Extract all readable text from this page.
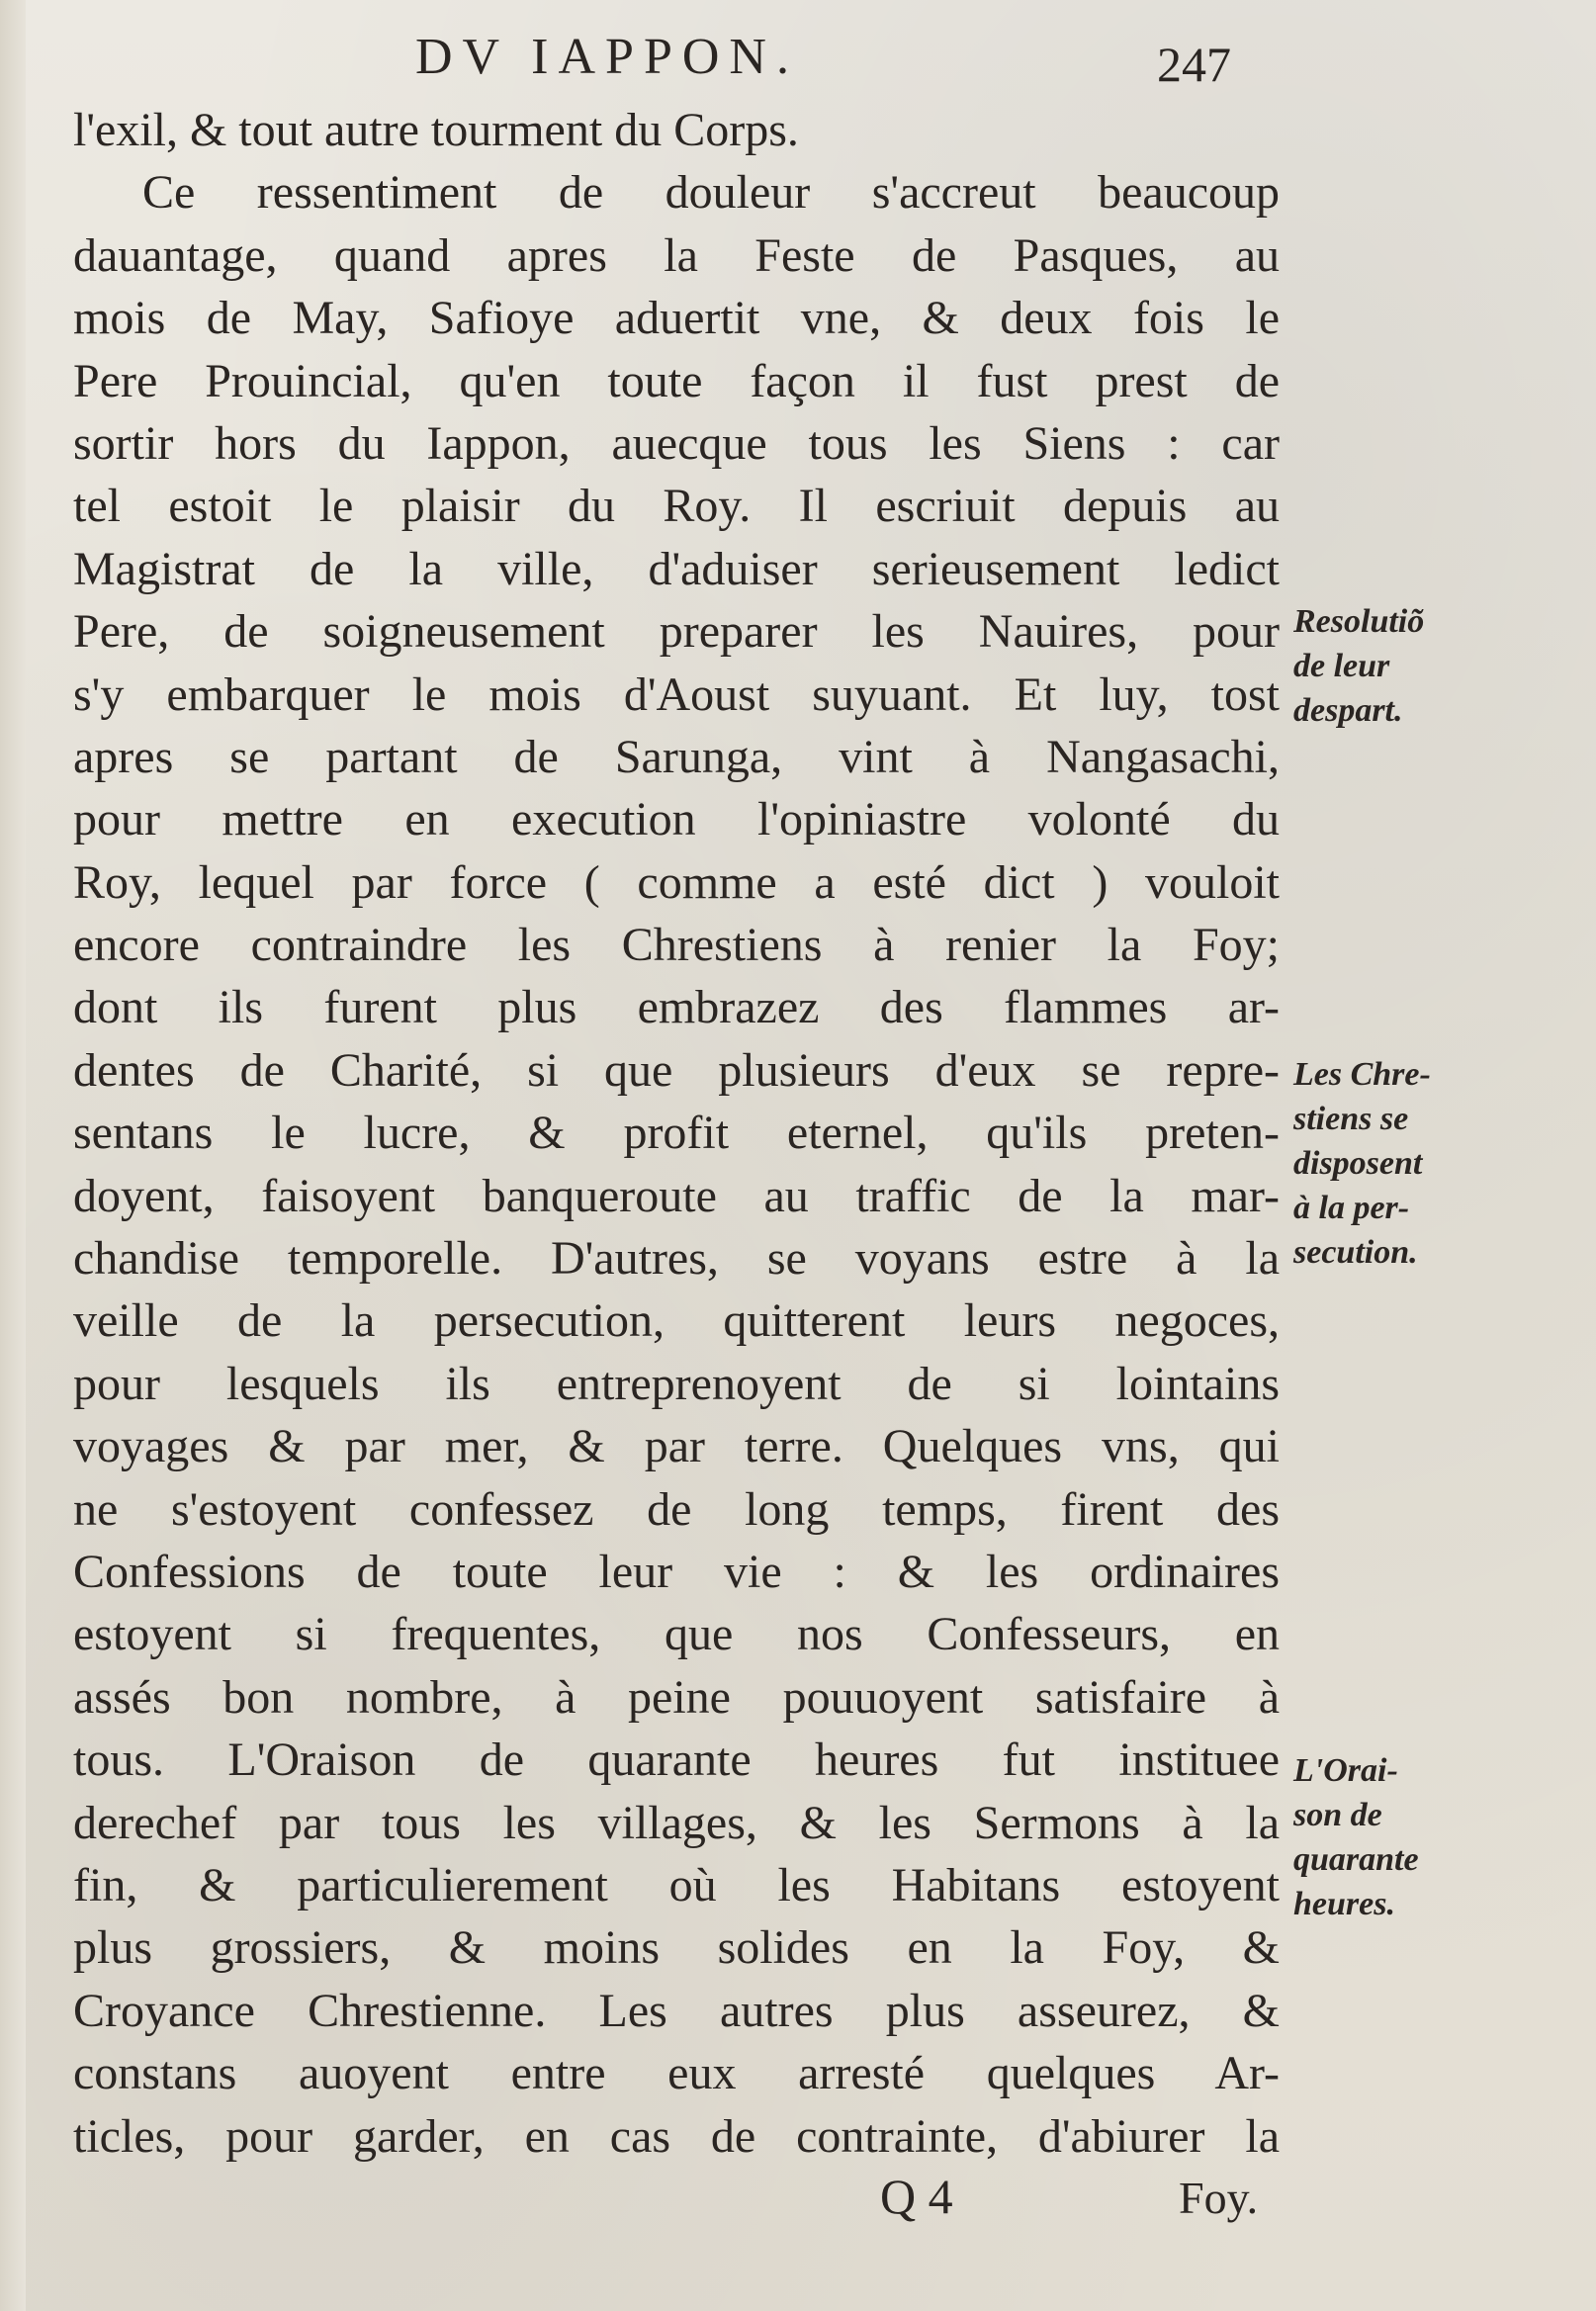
DV IAPPON.	247
l'exil, & tout autre tourment du Corps.
Ce ressentiment de douleur s'accreut beaucoup
dauantage, quand apres la Feste de Pasques, au
mois de May, Safioye aduertit vne, & deux fois le
Pere Prouincial, qu'en toute façon il fust prest de
sortir hors du Iappon, auecque tous les Siens : car
tel estoit le plaisir du Roy. Il escriuit depuis au
Magistrat de la ville, d'aduiser serieusement ledict
Pere, de soigneusement preparer les Nauires, pour
s'y embarquer le mois d'Aoust suyuant. Et luy, tost
apres se partant de Sarunga, vint à Nangasachi,
pour mettre en execution l'opiniastre volonté du
Roy, lequel par force ( comme a esté dict ) vouloit
encore contraindre les Chrestiens à renier la Foy;
dont ils furent plus embrazez des flammes ar-
dentes de Charité, si que plusieurs d'eux se repre-
sentans le lucre, & profit eternel, qu'ils preten-
doyent, faisoyent banqueroute au traffic de la mar-
chandise temporelle. D'autres, se voyans estre à la
veille de la persecution, quitterent leurs negoces,
pour lesquels ils entreprenoyent de si lointains
voyages & par mer, & par terre. Quelques vns, qui
ne s'estoyent confessez de long temps, firent des
Confessions de toute leur vie : & les ordinaires
estoyent si frequentes, que nos Confesseurs, en
assés bon nombre, à peine pouuoyent satisfaire à
tous. L'Oraison de quarante heures fut instituee
derechef par tous les villages, & les Sermons à la
fin, & particulierement où les Habitans estoyent
plus grossiers, & moins solides en la Foy, &
Croyance Chrestienne. Les autres plus asseurez, &
constans auoyent entre eux arresté quelques Ar-
ticles, pour garder, en cas de contrainte, d'abiurer la
Resolutiõ
de leur
despart.
Les Chre-
stiens se
disposent
à la per-
secution.
L'Orai-
son de
quarante
heures.
Q 4	Foy.
